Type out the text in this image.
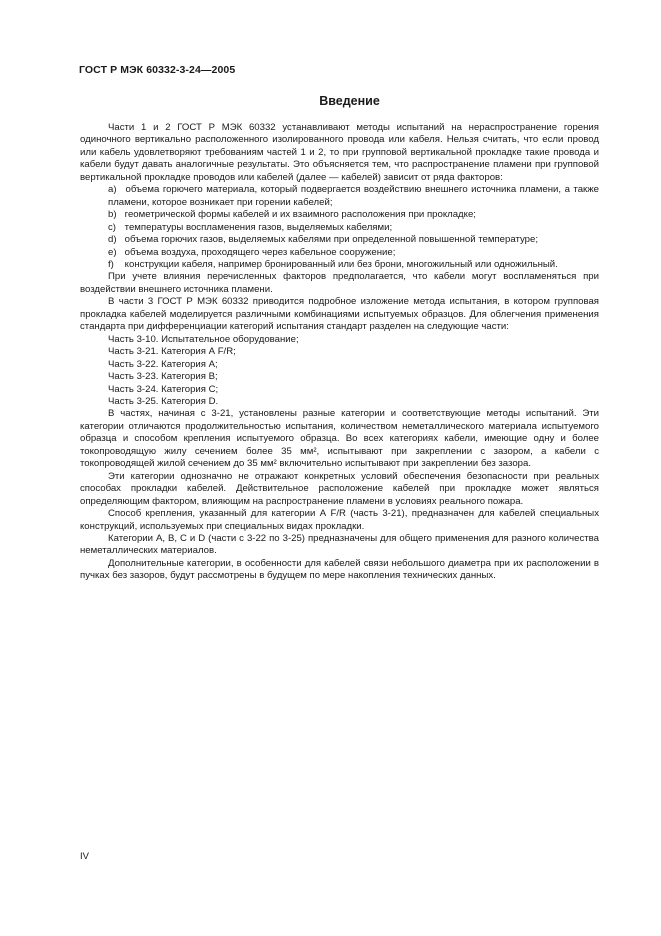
ГОСТ Р МЭК 60332-3-24—2005
Введение

Части 1 и 2 ГОСТ Р МЭК 60332 устанавливают методы испытаний на нераспространение горения одиночного вертикально расположенного изолированного провода или кабеля. Нельзя считать, что если провод или кабель удовлетворяют требованиям частей 1 и 2, то при групповой вертикальной прокладке такие провода и кабели будут давать аналогичные результаты. Это объясняется тем, что распространение пламени при групповой вертикальной прокладке проводов или кабелей (далее — кабелей) зависит от ряда факторов:

a) объема горючего материала, который подвергается воздействию внешнего источника пламени, а также пламени, которое возникает при горении кабелей;

b) геометрической формы кабелей и их взаимного расположения при прокладке;

c) температуры воспламенения газов, выделяемых кабелями;

d) объема горючих газов, выделяемых кабелями при определенной повышенной температуре;

e) объема воздуха, проходящего через кабельное сооружение;

f) конструкции кабеля, например бронированный или без брони, многожильный или одножильный.

При учете влияния перечисленных факторов предполагается, что кабели могут воспламеняться при воздействии внешнего источника пламени.

В части 3 ГОСТ Р МЭК 60332 приводится подробное изложение метода испытания, в котором групповая прокладка кабелей моделируется различными комбинациями испытуемых образцов. Для облегчения применения стандарта при дифференциации категорий испытания стандарт разделен на следующие части:

Часть 3-10. Испытательное оборудование;

Часть 3-21. Категория А F/R;

Часть 3-22. Категория А;

Часть 3-23. Категория В;

Часть 3-24. Категория С;

Часть 3-25. Категория D.

В частях, начиная с 3-21, установлены разные категории и соответствующие методы испытаний. Эти категории отличаются продолжительностью испытания, количеством неметаллического материала испытуемого образца и способом крепления испытуемого образца. Во всех категориях кабели, имеющие одну и более токопроводящую жилу сечением более 35 мм², испытывают при закреплении с зазором, а кабели с токопроводящей жилой сечением до 35 мм² включительно испытывают при закреплении без зазора.

Эти категории однозначно не отражают конкретных условий обеспечения безопасности при реальных способах прокладки кабелей. Действительное расположение кабелей при прокладке может являться определяющим фактором, влияющим на распространение пламени в условиях реального пожара.

Способ крепления, указанный для категории А F/R (часть 3-21), предназначен для кабелей специальных конструкций, используемых при специальных видах прокладки.

Категории А, В, С и D (части с 3-22 по 3-25) предназначены для общего применения для разного количества неметаллических материалов.

Дополнительные категории, в особенности для кабелей связи небольшого диаметра при их расположении в пучках без зазоров, будут рассмотрены в будущем по мере накопления технических данных.

IV
